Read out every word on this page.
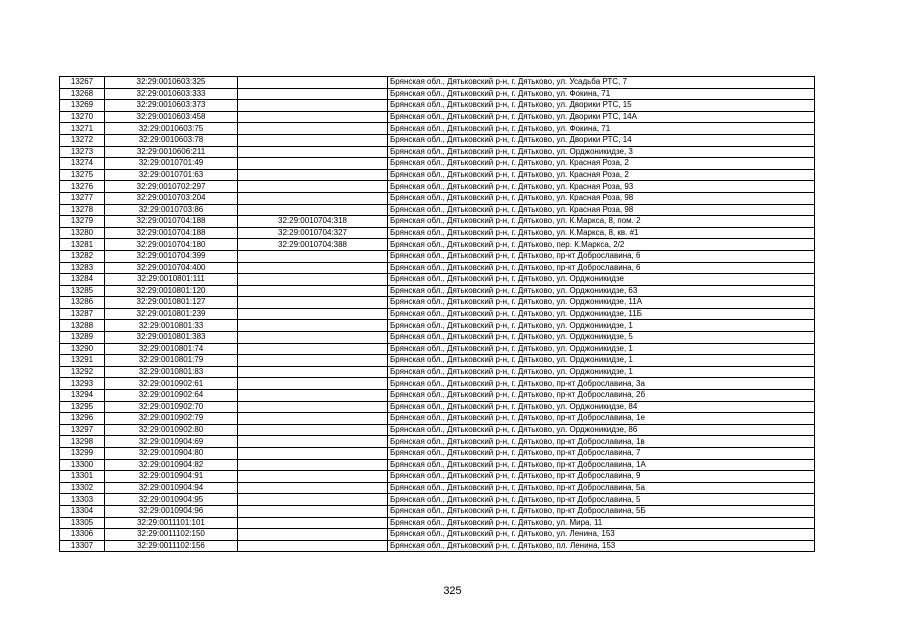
13267	32:29:0010603:325		Брянская обл., Дятьковский р-н, г. Дятьково, ул. Усадьба РТС, 7
13268	32:29:0010603:333		Брянская обл., Дятьковский р-н, г. Дятьково, ул. Фокина, 71
13269	32:29:0010603:373		Брянская обл., Дятьковский р-н, г. Дятьково, ул. Дворики РТС, 15
13270	32:29:0010603:458		Брянская обл., Дятьковский р-н, г. Дятьково, ул. Дворики РТС, 14А
13271	32:29:0010603:75		Брянская обл., Дятьковский р-н, г. Дятьково, ул. Фокина, 71
13272	32:29:0010603:78		Брянская обл., Дятьковский р-н, г. Дятьково, ул. Дворики РТС, 14
13273	32:29:0010606:211		Брянская обл., Дятьковский р-н, г. Дятьково, ул. Орджоникидзе, 3
13274	32:29:0010701:49		Брянская обл., Дятьковский р-н, г. Дятьково, ул. Красная Роза, 2
13275	32:29:0010701:63		Брянская обл., Дятьковский р-н, г. Дятьково, ул. Красная Роза, 2
13276	32:29:0010702:297		Брянская обл., Дятьковский р-н, г. Дятьково, ул. Красная Роза, 93
13277	32:29:0010703:204		Брянская обл., Дятьковский р-н, г. Дятьково, ул. Красная Роза, 98
13278	32:29:0010703:86		Брянская обл., Дятьковский р-н, г. Дятьково, ул. Красная Роза, 98
13279	32:29:0010704:188	32:29:0010704:318	Брянская обл., Дятьковский р-н, г. Дятьково, ул. К.Маркса, 8, пом. 2
13280	32:29:0010704:188	32:29:0010704:327	Брянская обл., Дятьковский р-н, г. Дятьково, ул. К.Маркса, 8, кв. #1
13281	32:29:0010704:180	32:29:0010704:388	Брянская обл., Дятьковский р-н, г. Дятьково, пер. К.Маркса, 2/2
13282	32:29:0010704:399		Брянская обл., Дятьковский р-н, г. Дятьково, пр-кт Доброславина, 6
13283	32:29:0010704:400		Брянская обл., Дятьковский р-н, г. Дятьково, пр-кт Доброславина, 6
13284	32:29:0010801:111		Брянская обл., Дятьковский р-н, г. Дятьково, ул. Орджоникидзе
13285	32:29:0010801:120		Брянская обл., Дятьковский р-н, г. Дятьково, ул. Орджоникидзе, 63
13286	32:29:0010801:127		Брянская обл., Дятьковский р-н, г. Дятьково, ул. Орджоникидзе, 11А
13287	32:29:0010801:239		Брянская обл., Дятьковский р-н, г. Дятьково, ул. Орджоникидзе, 11Б
13288	32:29:0010801:33		Брянская обл., Дятьковский р-н, г. Дятьково, ул. Орджоникидзе, 1
13289	32:29:0010801:383		Брянская обл., Дятьковский р-н, г. Дятьково, ул. Орджоникидзе, 5
13290	32:29:0010801:74		Брянская обл., Дятьковский р-н, г. Дятьково, ул. Орджоникидзе, 1
13291	32:29:0010801:79		Брянская обл., Дятьковский р-н, г. Дятьково, ул. Орджоникидзе, 1
13292	32:29:0010801:83		Брянская обл., Дятьковский р-н, г. Дятьково, ул. Орджоникидзе, 1
13293	32:29:0010902:61		Брянская обл., Дятьковский р-н, г. Дятьково, пр-кт Доброславина, 3а
13294	32:29:0010902:64		Брянская обл., Дятьковский р-н, г. Дятьково, пр-кт Доброславина, 2б
13295	32:29:0010902:70		Брянская обл., Дятьковский р-н, г. Дятьково, ул. Орджоникидзе, 84
13296	32:29:0010902:79		Брянская обл., Дятьковский р-н, г. Дятьково, пр-кт Доброславина, 1е
13297	32:29:0010902:80		Брянская обл., Дятьковский р-н, г. Дятьково, ул. Орджоникидзе, 86
13298	32:29:0010904:69		Брянская обл., Дятьковский р-н, г. Дятьково, пр-кт Доброславина, 1в
13299	32:29:0010904:80		Брянская обл., Дятьковский р-н, г. Дятьково, пр-кт Доброславина, 7
13300	32:29:0010904:82		Брянская обл., Дятьковский р-н, г. Дятьково, пр-кт Доброславина, 1А
13301	32:29:0010904:91		Брянская обл., Дятьковский р-н, г. Дятьково, пр-кт Доброславина, 9
13302	32:29:0010904:94		Брянская обл., Дятьковский р-н, г. Дятьково, пр-кт Доброславина, 5а
13303	32:29:0010904:95		Брянская обл., Дятьковский р-н, г. Дятьково, пр-кт Доброславина, 5
13304	32:29:0010904:96		Брянская обл., Дятьковский р-н, г. Дятьково, пр-кт Доброславина, 5Б
13305	32:29:0011101:101		Брянская обл., Дятьковский р-н, г. Дятьково, ул. Мира, 11
13306	32:29:0011102:150		Брянская обл., Дятьковский р-н, г. Дятьково, ул. Ленина, 153
13307	32:29:0011102:156		Брянская обл., Дятьковский р-н, г. Дятьково, пл. Ленина, 153
325
